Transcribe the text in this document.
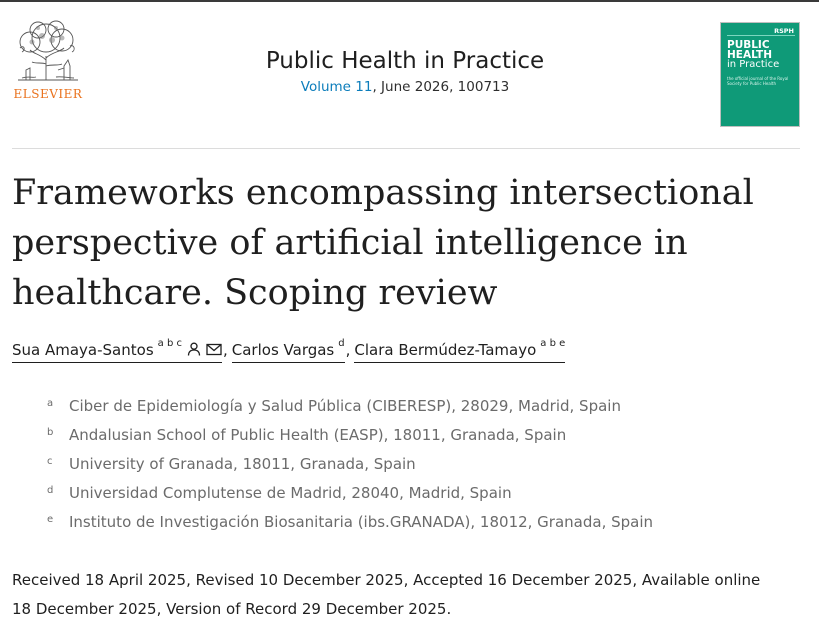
ELSEVIER
Public Health in Practice
Volume 11, June 2026, 100713
RSPH
PUBLIC
HEALTH
in Practice
the official journal of the Royal Society for Public Health
Frameworks encompassing intersectional
perspective of artificial intelligence in
healthcare. Scoping review
Sua Amaya-Santos $^{a b c}$	, Carlos Vargas $^d$ , Clara Bermúdez-Tamayo $^{a b e}$
a	Ciber de Epidemiología y Salud Pública (CIBERESP), 28029, Madrid, Spain
b	Andalusian School of Public Health (EASP), 18011, Granada, Spain
c	University of Granada, 18011, Granada, Spain
d	Universidad Complutense de Madrid, 28040, Madrid, Spain
e	Instituto de Investigación Biosanitaria (ibs.GRANADA), 18012, Granada, Spain
Received 18 April 2025, Revised 10 December 2025, Accepted 16 December 2025, Available online
18 December 2025, Version of Record 29 December 2025.
